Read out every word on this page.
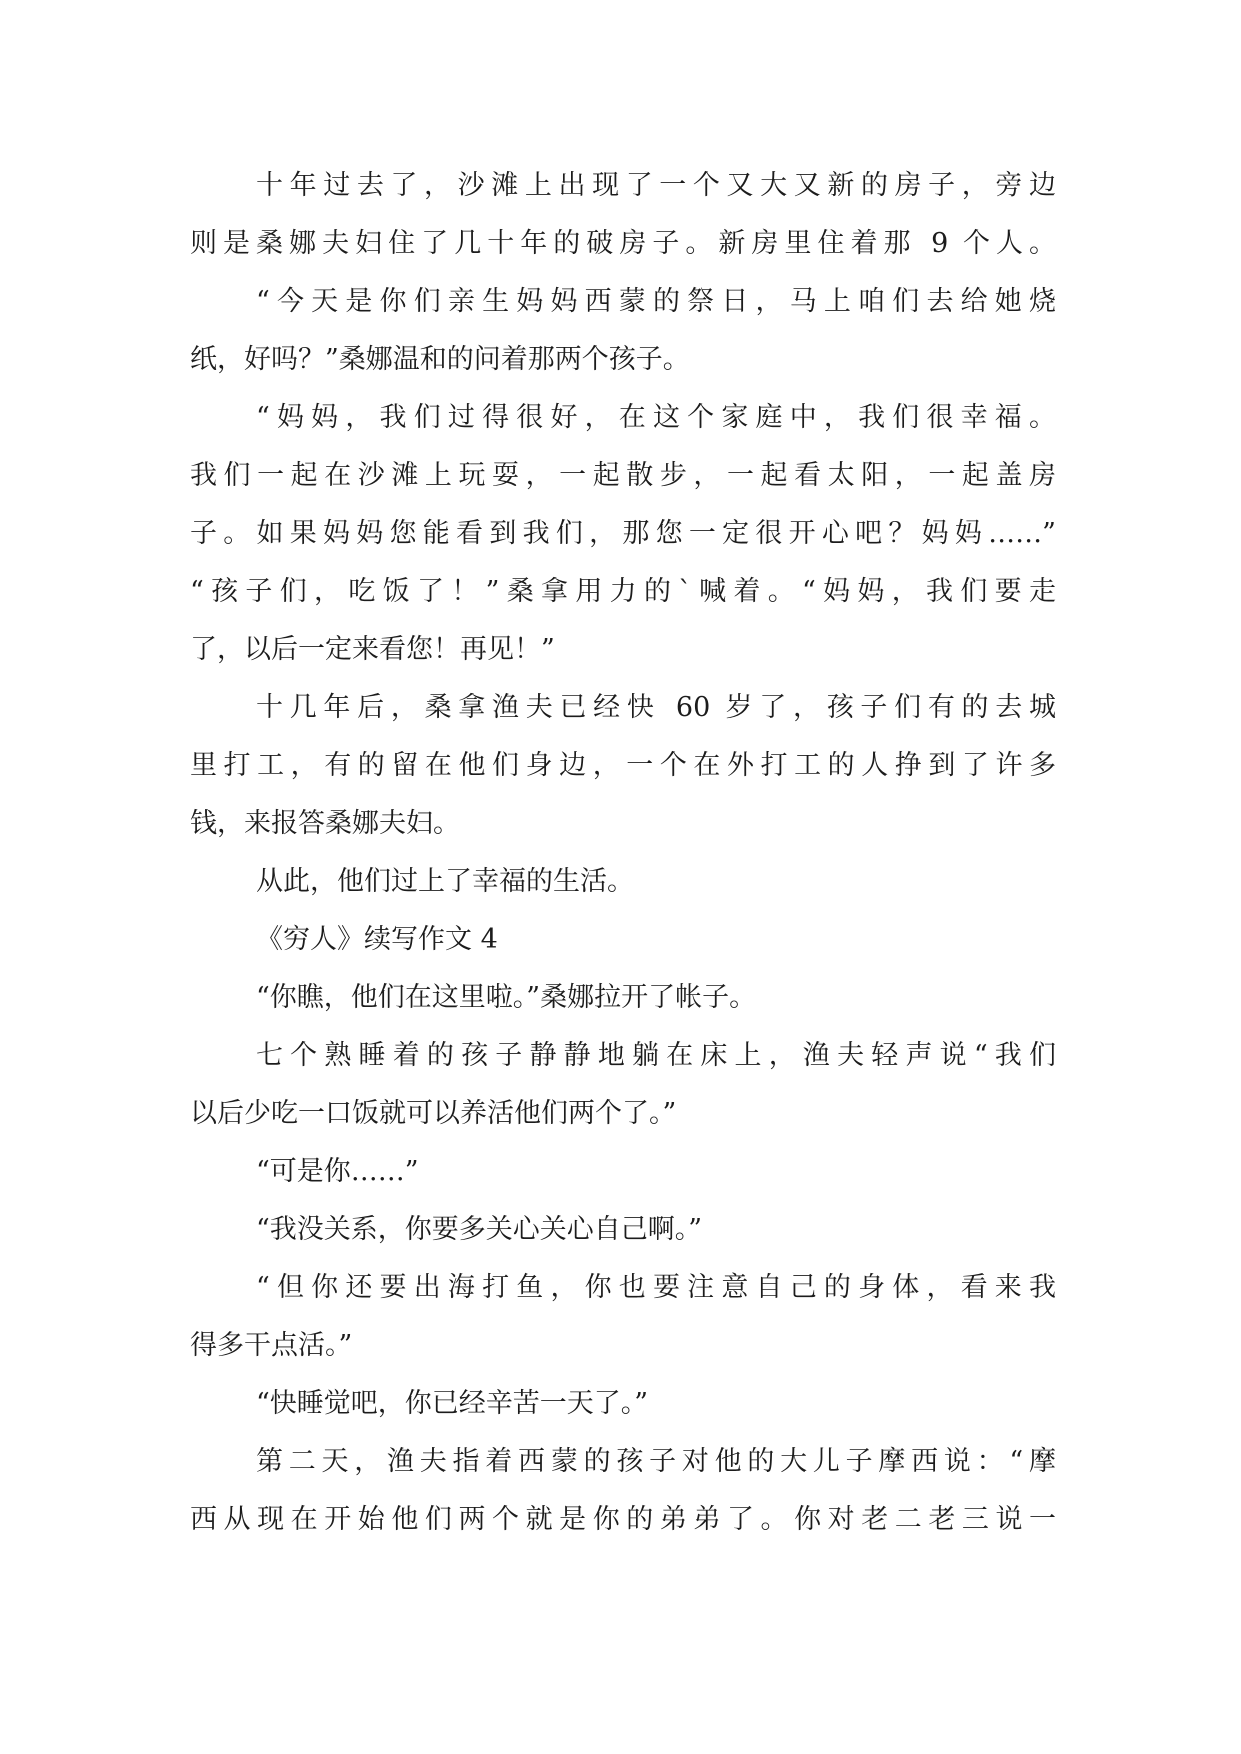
十年过去了，沙滩上出现了一个又大又新的房子，旁边
则是桑娜夫妇住了几十年的破房子。新房里住着那 9 个人。
“今天是你们亲生妈妈西蒙的祭日，马上咱们去给她烧
纸，好吗？”桑娜温和的问着那两个孩子。
“妈妈，我们过得很好，在这个家庭中，我们很幸福。
我们一起在沙滩上玩耍，一起散步，一起看太阳，一起盖房
子。如果妈妈您能看到我们，那您一定很开心吧？妈妈……”
“孩子们，吃饭了！”桑拿用力的`喊着。“妈妈，我们要走
了，以后一定来看您！再见！”
十几年后，桑拿渔夫已经快 60 岁了，孩子们有的去城
里打工，有的留在他们身边，一个在外打工的人挣到了许多
钱，来报答桑娜夫妇。
从此，他们过上了幸福的生活。
《穷人》续写作文 4
“你瞧，他们在这里啦。”桑娜拉开了帐子。
七个熟睡着的孩子静静地躺在床上，渔夫轻声说“我们
以后少吃一口饭就可以养活他们两个了。”
“可是你……”
“我没关系，你要多关心关心自己啊。”
“但你还要出海打鱼，你也要注意自己的身体，看来我
得多干点活。”
“快睡觉吧，你已经辛苦一天了。”
第二天，渔夫指着西蒙的孩子对他的大儿子摩西说：“摩
西从现在开始他们两个就是你的弟弟了。你对老二老三说一
